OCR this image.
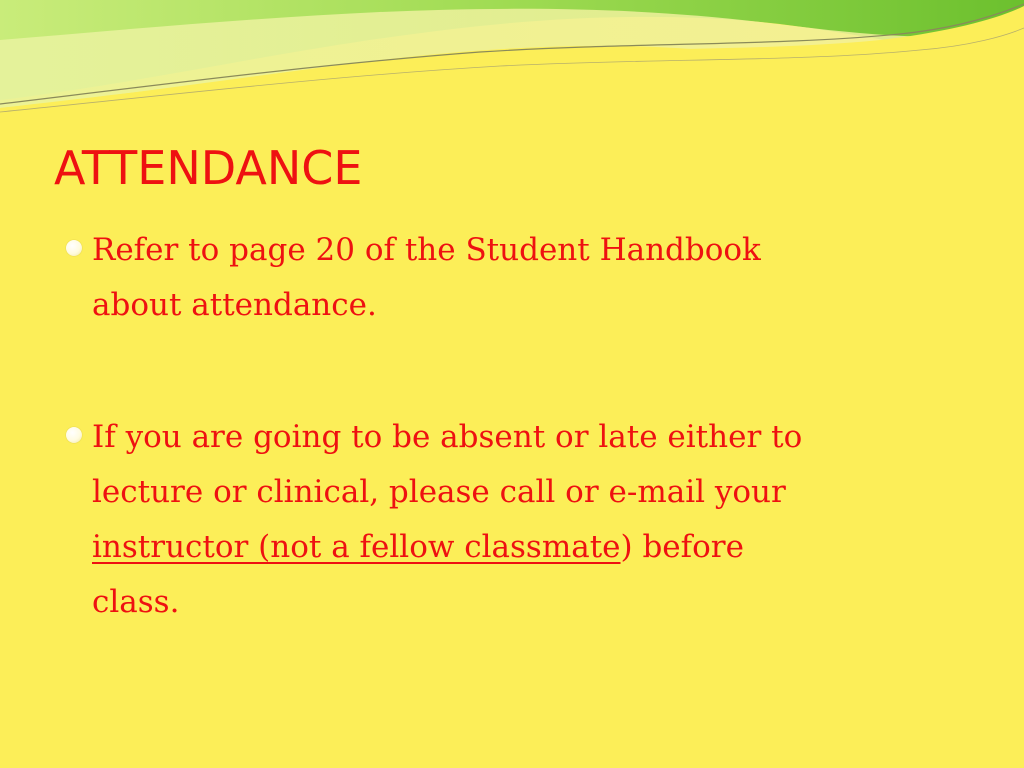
ATTENDANCE
Refer to page 20 of the Student Handbook
about attendance.
If you are going to be absent or late either to
lecture or clinical, please call or e-mail your
instructor (not a fellow classmate) before
class.
